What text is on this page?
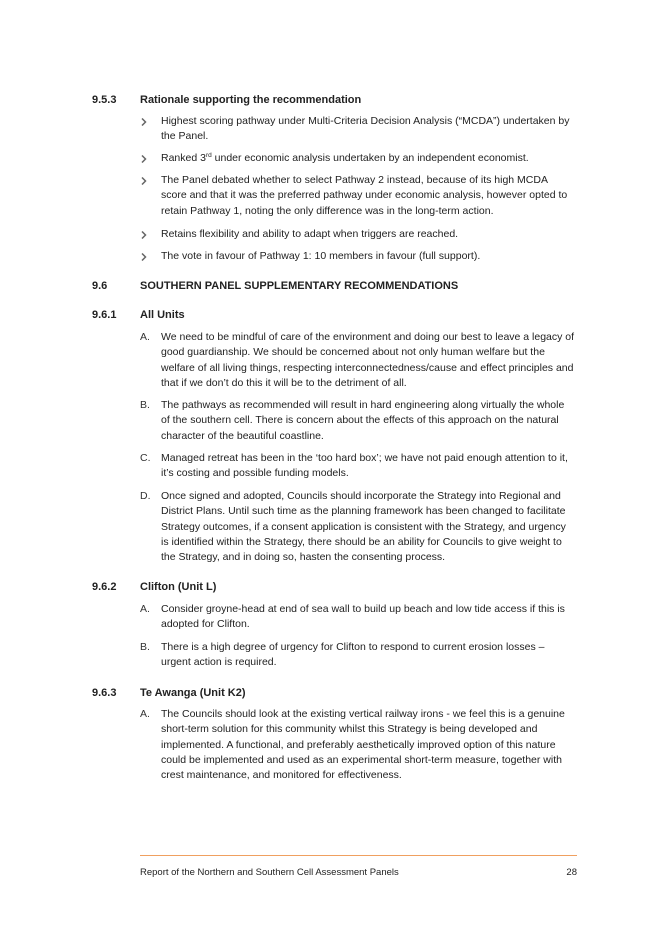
9.5.3 Rationale supporting the recommendation
Highest scoring pathway under Multi-Criteria Decision Analysis (“MCDA”) undertaken by the Panel.
Ranked 3rd under economic analysis undertaken by an independent economist.
The Panel debated whether to select Pathway 2 instead, because of its high MCDA score and that it was the preferred pathway under economic analysis, however opted to retain Pathway 1, noting the only difference was in the long-term action.
Retains flexibility and ability to adapt when triggers are reached.
The vote in favour of Pathway 1: 10 members in favour (full support).
9.6	SOUTHERN PANEL SUPPLEMENTARY RECOMMENDATIONS
9.6.1 All Units
A.	We need to be mindful of care of the environment and doing our best to leave a legacy of good guardianship. We should be concerned about not only human welfare but the welfare of all living things, respecting interconnectedness/cause and effect principles and that if we don’t do this it will be to the detriment of all.
B.	The pathways as recommended will result in hard engineering along virtually the whole of the southern cell. There is concern about the effects of this approach on the natural character of the beautiful coastline.
C.	Managed retreat has been in the ‘too hard box’; we have not paid enough attention to it, it’s costing and possible funding models.
D.	Once signed and adopted, Councils should incorporate the Strategy into Regional and District Plans. Until such time as the planning framework has been changed to facilitate Strategy outcomes, if a consent application is consistent with the Strategy, and urgency is identified within the Strategy, there should be an ability for Councils to give weight to the Strategy, and in doing so, hasten the consenting process.
9.6.2 Clifton (Unit L)
A.	Consider groyne-head at end of sea wall to build up beach and low tide access if this is adopted for Clifton.
B.	There is a high degree of urgency for Clifton to respond to current erosion losses – urgent action is required.
9.6.3 Te Awanga (Unit K2)
A.	The Councils should look at the existing vertical railway irons - we feel this is a genuine short-term solution for this community whilst this Strategy is being developed and implemented. A functional, and preferably aesthetically improved option of this nature could be implemented and used as an experimental short-term measure, together with crest maintenance, and monitored for effectiveness.
Report of the Northern and Southern Cell Assessment Panels	28
